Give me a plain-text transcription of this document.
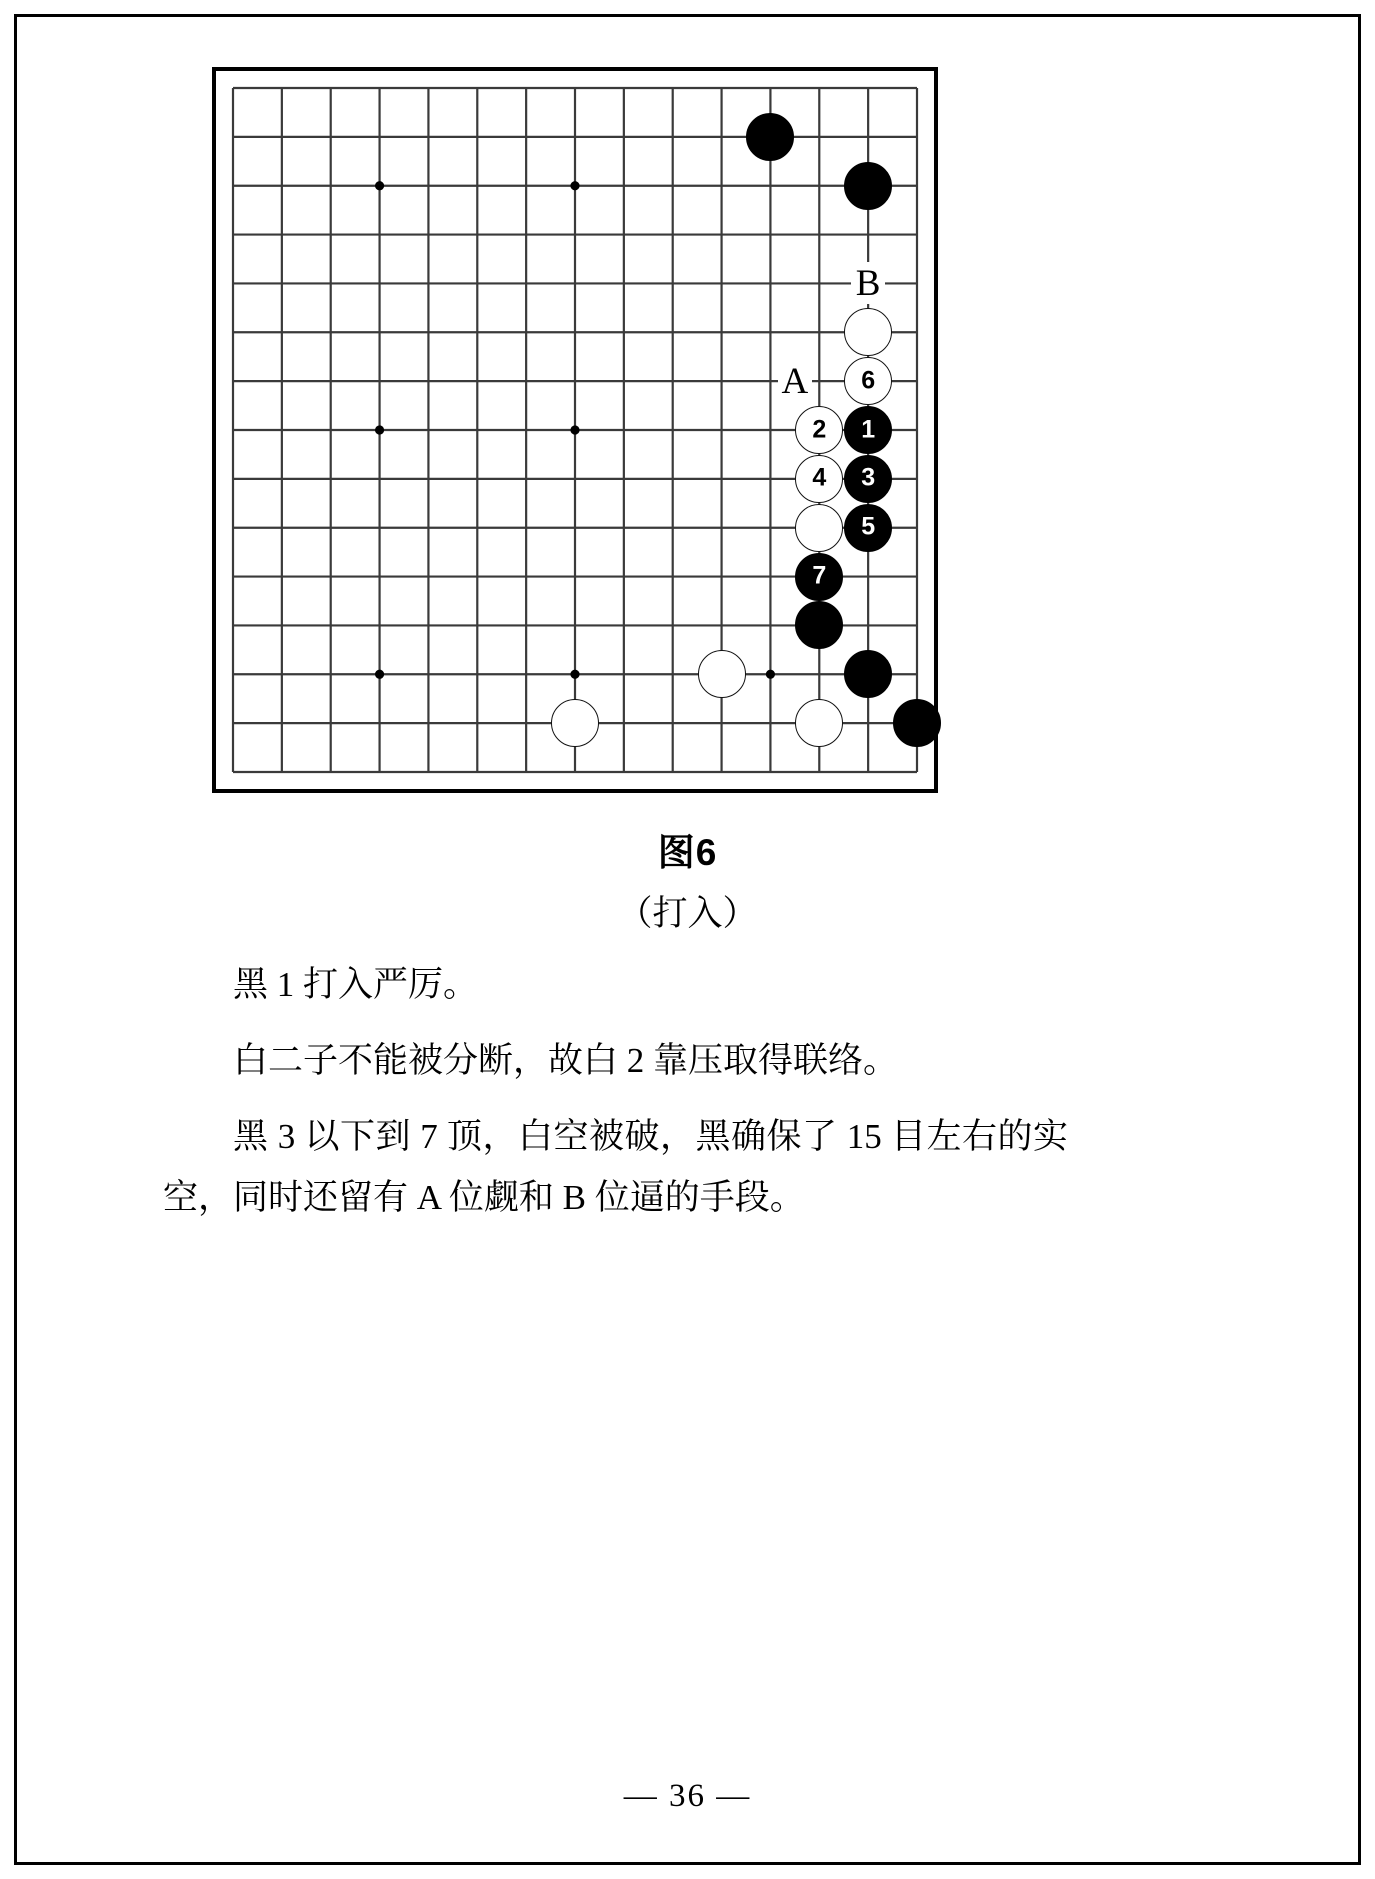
6
2 1
4 3
5
7
B
A
图6
（打入）

黑 1 打入严厉。

白二子不能被分断，故白 2 靠压取得联络。

黑 3 以下到 7 顶，白空被破，黑确保了 15 目左右的实空，同时还留有 A 位觑和 B 位逼的手段。

— 36 —
